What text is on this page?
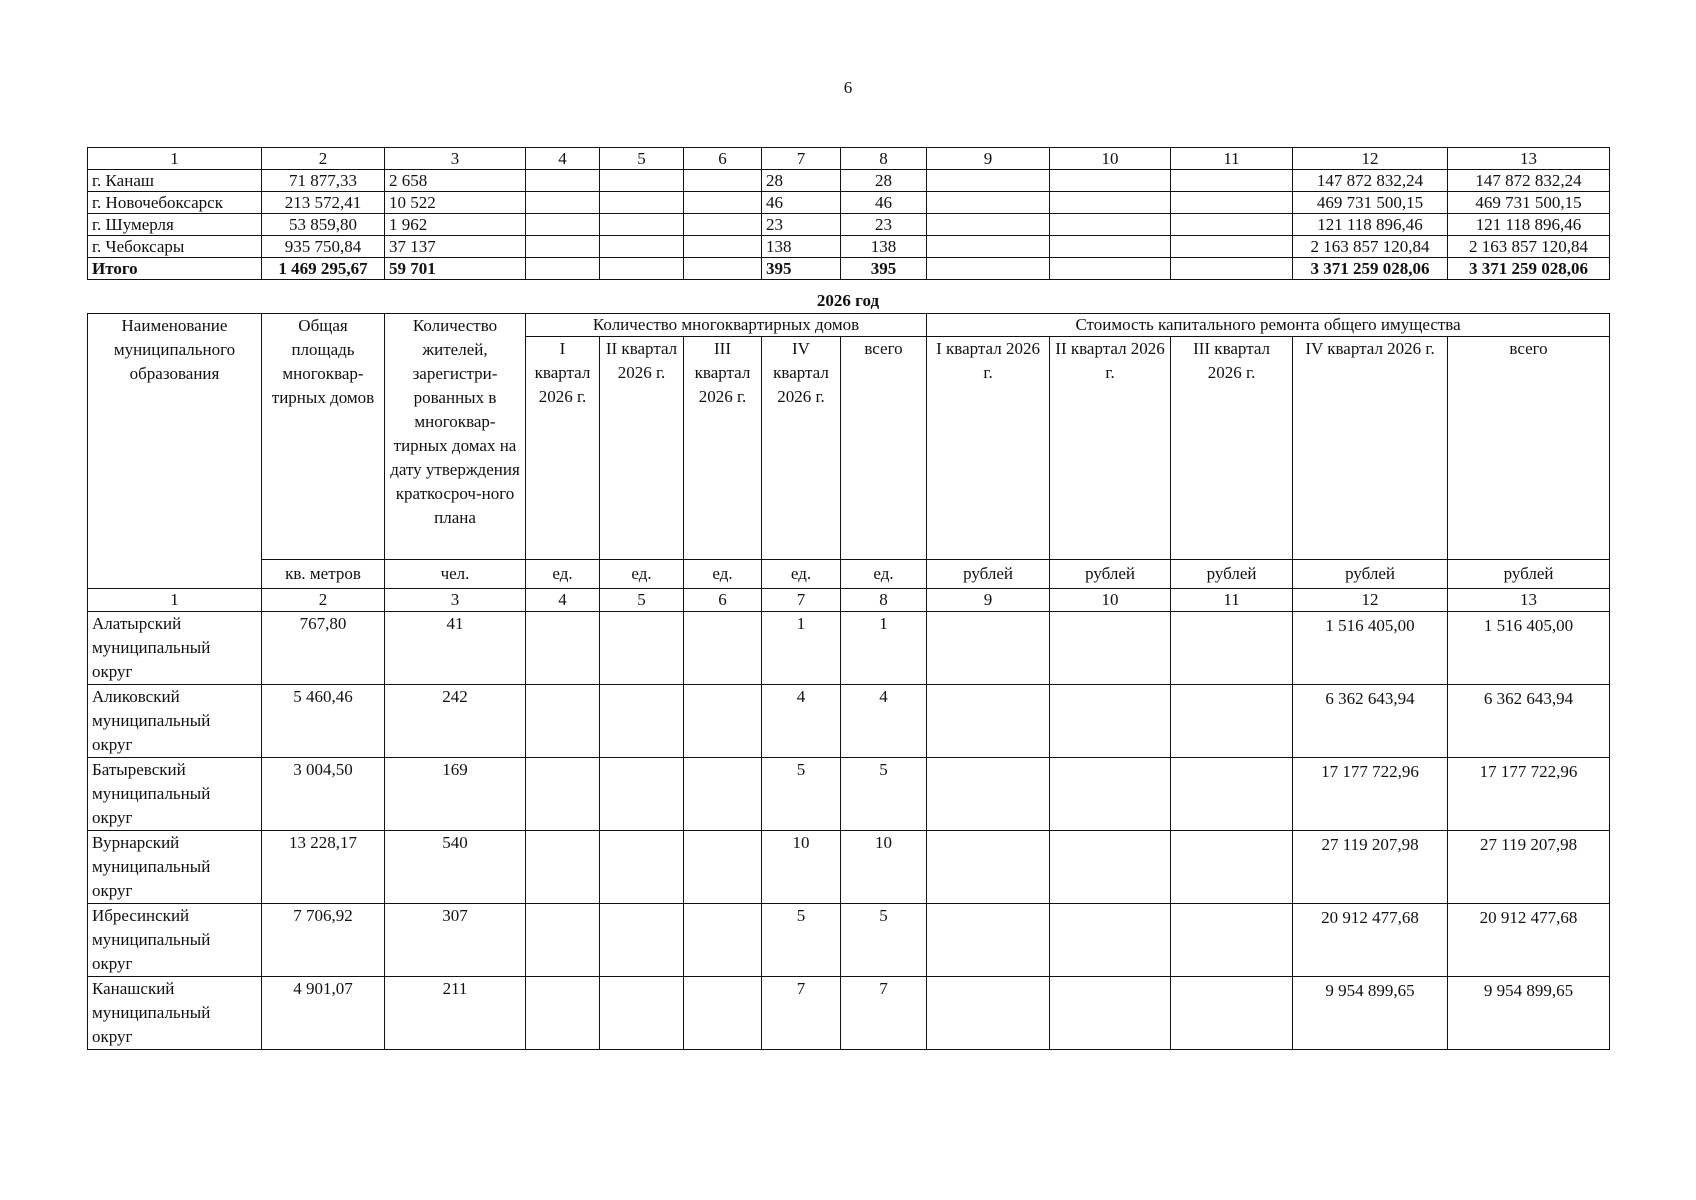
6
1	2	3	4	5	6	7	8	9	10	11	12	13
г. Канаш	71 877,33	2 658				28	28				147 872 832,24	147 872 832,24
г. Новочебоксарск	213 572,41	10 522				46	46				469 731 500,15	469 731 500,15
г. Шумерля	53 859,80	1 962				23	23				121 118 896,46	121 118 896,46
г. Чебоксары	935 750,84	37 137				138	138				2 163 857 120,84	2 163 857 120,84
Итого	1 469 295,67	59 701				395	395				3 371 259 028,06	3 371 259 028,06
2026 год
Наименование муниципального образования	Общая площадь многоквар-тирных домов	Количество жителей, зарегистри-рованных в многоквар-тирных домах на дату утверждения краткосроч-ного плана	Количество многоквартирных домов					Стоимость капитального ремонта общего имущества				
			I квартал 2026 г.	II квартал 2026 г.	III квартал 2026 г.	IV квартал 2026 г.	всего	I квартал 2026 г.	II квартал 2026 г.	III квартал 2026 г.	IV квартал 2026 г.	всего
	кв. метров	чел.	ед.	ед.	ед.	ед.	ед.	рублей	рублей	рублей	рублей	рублей
1	2	3	4	5	6	7	8	9	10	11	12	13

Алатырский
муниципальный
округ	767,80	41				1	1				1 516 405,00	1 516 405,00

Аликовский
муниципальный
округ	5 460,46	242				4	4				6 362 643,94	6 362 643,94

Батыревский
муниципальный
округ	3 004,50	169				5	5				17 177 722,96	17 177 722,96

Вурнарский
муниципальный
округ	13 228,17	540				10	10				27 119 207,98	27 119 207,98

Ибресинский
муниципальный
округ	7 706,92	307				5	5				20 912 477,68	20 912 477,68

Канашский
муниципальный
округ	4 901,07	211				7	7				9 954 899,65	9 954 899,65
